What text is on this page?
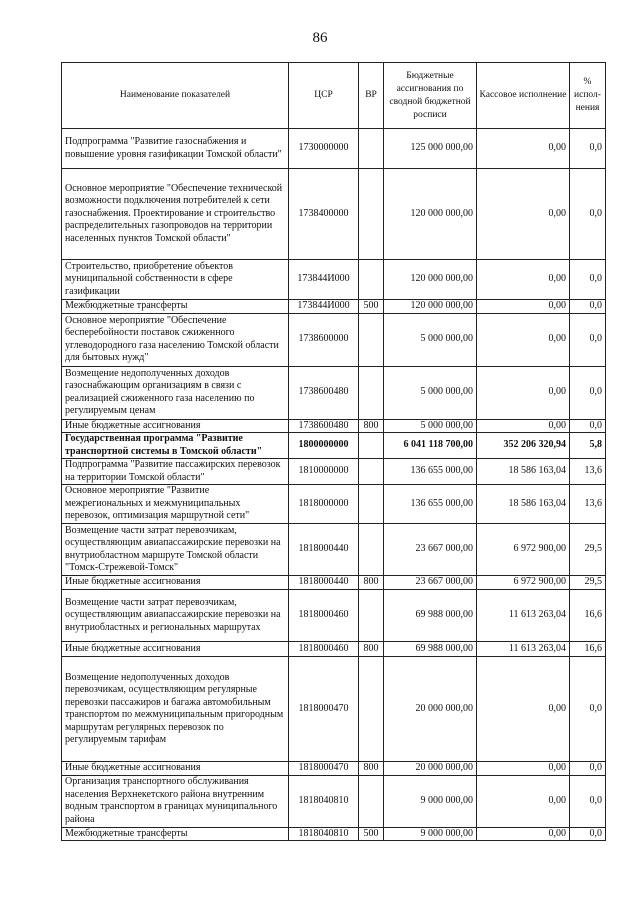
86
Наименование показателей	ЦСР	ВР	Бюджетные ассигнования по сводной бюджетной росписи	Кассовое исполнение	% испол-нения
Подпрограмма "Развитие газоснабжения и повышение уровня газификации Томской области"	1730000000		125 000 000,00	0,00	0,0
Основное мероприятие "Обеспечение технической возможности подключения потребителей к сети газоснабжения. Проектирование и строительство распределительных газопроводов на территории населенных пунктов Томской области"	1738400000		120 000 000,00	0,00	0,0
Строительство, приобретение объектов муниципальной собственности в сфере газификации	173844И000		120 000 000,00	0,00	0,0
Межбюджетные трансферты	173844И000	500	120 000 000,00	0,00	0,0
Основное мероприятие "Обеспечение бесперебойности поставок сжиженного углеводородного газа населению Томской области для бытовых нужд"	1738600000		5 000 000,00	0,00	0,0
Возмещение недополученных доходов газоснабжающим организациям в связи с реализацией сжиженного газа населению по регулируемым ценам	1738600480		5 000 000,00	0,00	0,0
Иные бюджетные ассигнования	1738600480	800	5 000 000,00	0,00	0,0
Государственная программа "Развитие транспортной системы в Томской области"	1800000000		6 041 118 700,00	352 206 320,94	5,8
Подпрограмма "Развитие пассажирских перевозок на территории Томской области"	1810000000		136 655 000,00	18 586 163,04	13,6
Основное мероприятие "Развитие межрегиональных и межмуниципальных перевозок, оптимизация маршрутной сети"	1818000000		136 655 000,00	18 586 163,04	13,6
Возмещение части затрат перевозчикам, осуществляющим авиапассажирские перевозки на внутриобластном маршруте Томской области "Томск-Стрежевой-Томск"	1818000440		23 667 000,00	6 972 900,00	29,5
Иные бюджетные ассигнования	1818000440	800	23 667 000,00	6 972 900,00	29,5
Возмещение части затрат перевозчикам, осуществляющим авиапассажирские перевозки на внутриобластных и региональных маршрутах	1818000460		69 988 000,00	11 613 263,04	16,6
Иные бюджетные ассигнования	1818000460	800	69 988 000,00	11 613 263,04	16,6
Возмещение недополученных доходов перевозчикам, осуществляющим регулярные перевозки пассажиров и багажа автомобильным транспортом по межмуниципальным пригородным маршрутам регулярных перевозок по регулируемым тарифам	1818000470		20 000 000,00	0,00	0,0
Иные бюджетные ассигнования	1818000470	800	20 000 000,00	0,00	0,0
Организация транспортного обслуживания населения Верхнекетского района внутренним водным транспортом в границах муниципального района	1818040810		9 000 000,00	0,00	0,0
Межбюджетные трансферты	1818040810	500	9 000 000,00	0,00	0,0
